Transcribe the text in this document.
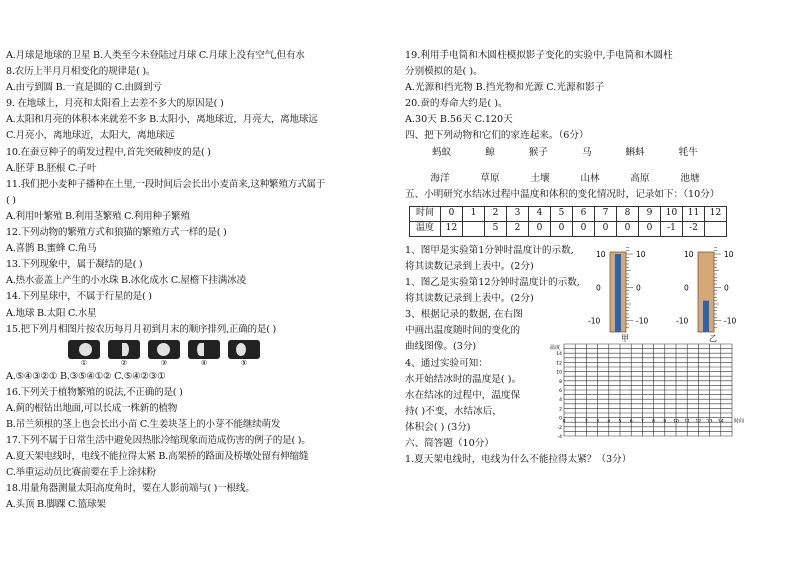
A.月球是地球的卫星 B.人类至今未登陆过月球 C.月球上没有空气,但有水
8.农历上半月月相变化的规律是( )。
A.由亏到圆 B.一直是圆的 C.由圆到亏
9. 在地球上，月亮和太阳看上去差不多大的原因是( )
A.太阳和月亮的体积本来就差不多 B.太阳小，离地球近，月亮大，离地球远
C.月亮小，离地球近，太阳大，离地球远
10.在蚕豆种子的萌发过程中,首先突破种皮的是( )
A.胚芽 B.胚根 C.子叶
11.我们把小麦种子播种在土里,一段时间后会长出小麦苗来,这种繁殖方式属于
( )
A.利用叶繁殖 B.利用茎繁殖 C.利用种子繁殖
12.下列动物的繁殖方式和狼猫的繁殖方式一样的是( )
A.喜鹊 B.蜜蜂 C.角马
13.下列现象中，属于凝结的是( )
A.热水壶盖上产生的小水珠 B.冰化成水 C.屋檐下挂满冰凌
14.下列星球中，不属于行星的是( )
A.地球 B.太阳 C.水星
15.把下列月相图片按农历每月月初到月末的顺序排列,正确的是( )
①	②	③	④	⑤
A.⑤④③②① B.③⑤④①② C.⑤④②③①
16.下列关于植物繁殖的说法,不正确的是( )
A.蓟的根钻出地面,可以长成一株新的植物
B.吊兰须根的茎上也会长出小苗 C.生姜块茎上的小芽不能继续萌发
17.下列不属于日常生活中避免因热胀冷缩现象而造成伤害的例子的是( )。
A.夏天架电线时，电线不能拉得太紧 B.高架桥的路面及桥墩处留有伸缩缝
C.举重运动员比赛前要在手上涂抹粉
18.用量角器测量太阳高度角时，要在人影前端与( )一根线。
A.头顶 B.脚踝 C.篮球架
19.利用手电筒和木圆柱模拟影子变化的实验中,手电筒和木圆柱
分别模拟的是( )。
A.光源和挡光物 B.挡光物和光源 C.光源和影子
20.蚕的寿命大约是( )。
A.30天 B.56天 C.120天
四、把下列动物和它们的家连起来。（6分）
蚂蚁	鲸	猴子	马	蝌蚪	牦牛
海洋	草原	土壤	山林	高原	池塘
五、小明研究水结冰过程中温度和体积的变化情况时，记录如下：（10分）
时间	0	1	2	3	4	5	6	7	8	9	10	11	12
温度	12		5	2	0	0	0	0	0	0	-1	-2	
1、图甲是实验第1分钟时温度计的示数,
将其读数记录到上表中。(2分)
1、图乙是实验第12分钟时温度计的示数,
将其读数记录到上表中。(2分)
3、根据记录的数据, 在右图
中画出温度随时间的变化的
曲线图像。(3分)
4、通过实验可知：
水开始结冰时的温度是( )。
水在结冰的过程中，温度保
持( )不变，水结冰后，
体积会( ) (3分)
六、简答题（10分）
1.夏天架电线时，电线为什么不能拉得太紧？（3分）
10	10
0	0
-10	-10
甲
10	10
0	0
-10	-10
乙
14
12
10
8
6
4
2
0
-2
-4
0 1 2 3 4 5 6 7 8 9 10 11 12 13 14
温度
时间
